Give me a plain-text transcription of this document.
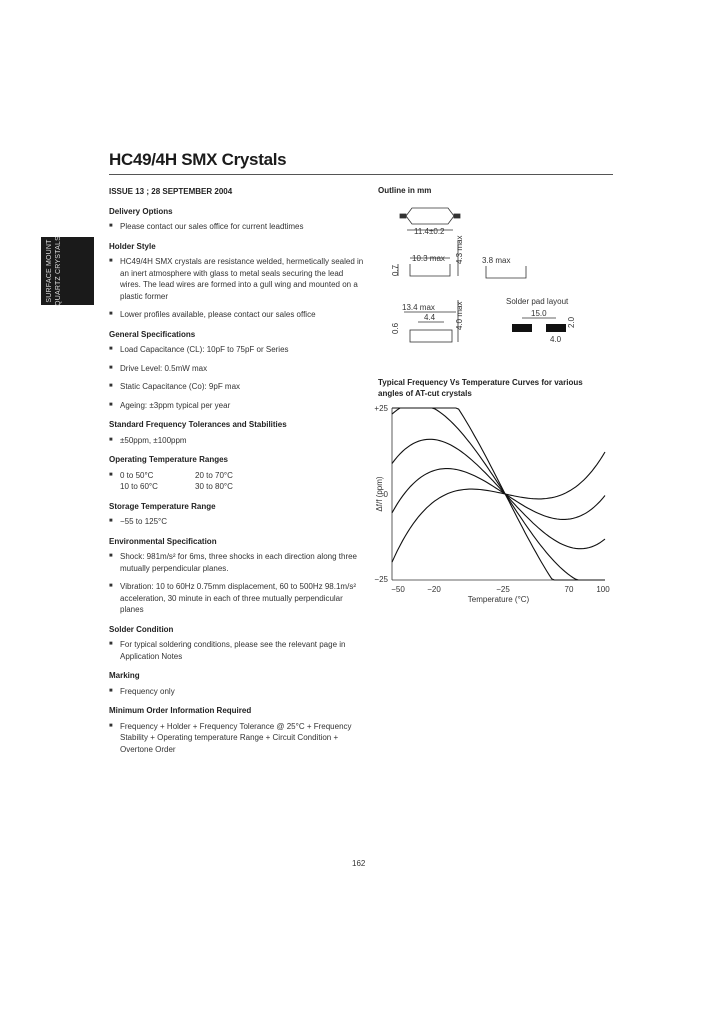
SURFACE MOUNT QUARTZ CRYSTALS
HC49/4H SMX Crystals
ISSUE 13 ; 28 SEPTEMBER 2004
Delivery Options
■ Please contact our sales office for current leadtimes
Holder Style
■ HC49/4H SMX crystals are resistance welded, hermetically sealed in an inert atmosphere with glass to metal seals securing the lead wires. The lead wires are formed into a gull wing and mounted on a plastic former
■ Lower profiles available, please contact our sales office
General Specifications
■ Load Capacitance (CL): 10pF to 75pF or Series
■ Drive Level: 0.5mW max
■ Static Capacitance (Co): 9pF max
■ Ageing: ±3ppm typical per year
Standard Frequency Tolerances and Stabilities
■ ±50ppm, ±100ppm
Operating Temperature Ranges
■ 0 to 50°C	20 to 70°C
10 to 60°C	30 to 80°C
Storage Temperature Range
■ −55 to 125°C
Environmental Specification
■ Shock: 981m/s² for 6ms, three shocks in each direction along three mutually perpendicular planes.
■ Vibration: 10 to 60Hz 0.75mm displacement, 60 to 500Hz 98.1m/s² acceleration, 30 minute in each of three mutually perpendicular planes
Solder Condition
■ For typical soldering conditions, please see the relevant page in Application Notes
Marking
■ Frequency only
Minimum Order Information Required
■ Frequency + Holder + Frequency Tolerance @ 25°C + Frequency Stability + Operating temperature Range + Circuit Condition + Overtone Order
Outline in mm
11.4±0.2
10.3 max 4.3 max
0.7
3.8 max
13.4 max	4.0 max
4.4
0.6
Solder pad layout
15.0
2.0
4.0
Typical Frequency Vs Temperature Curves for various angles of AT-cut crystals
+25
0
−25
−50	−20	−25	70	100
Temperature (°C)
Δf/f (ppm)
162
